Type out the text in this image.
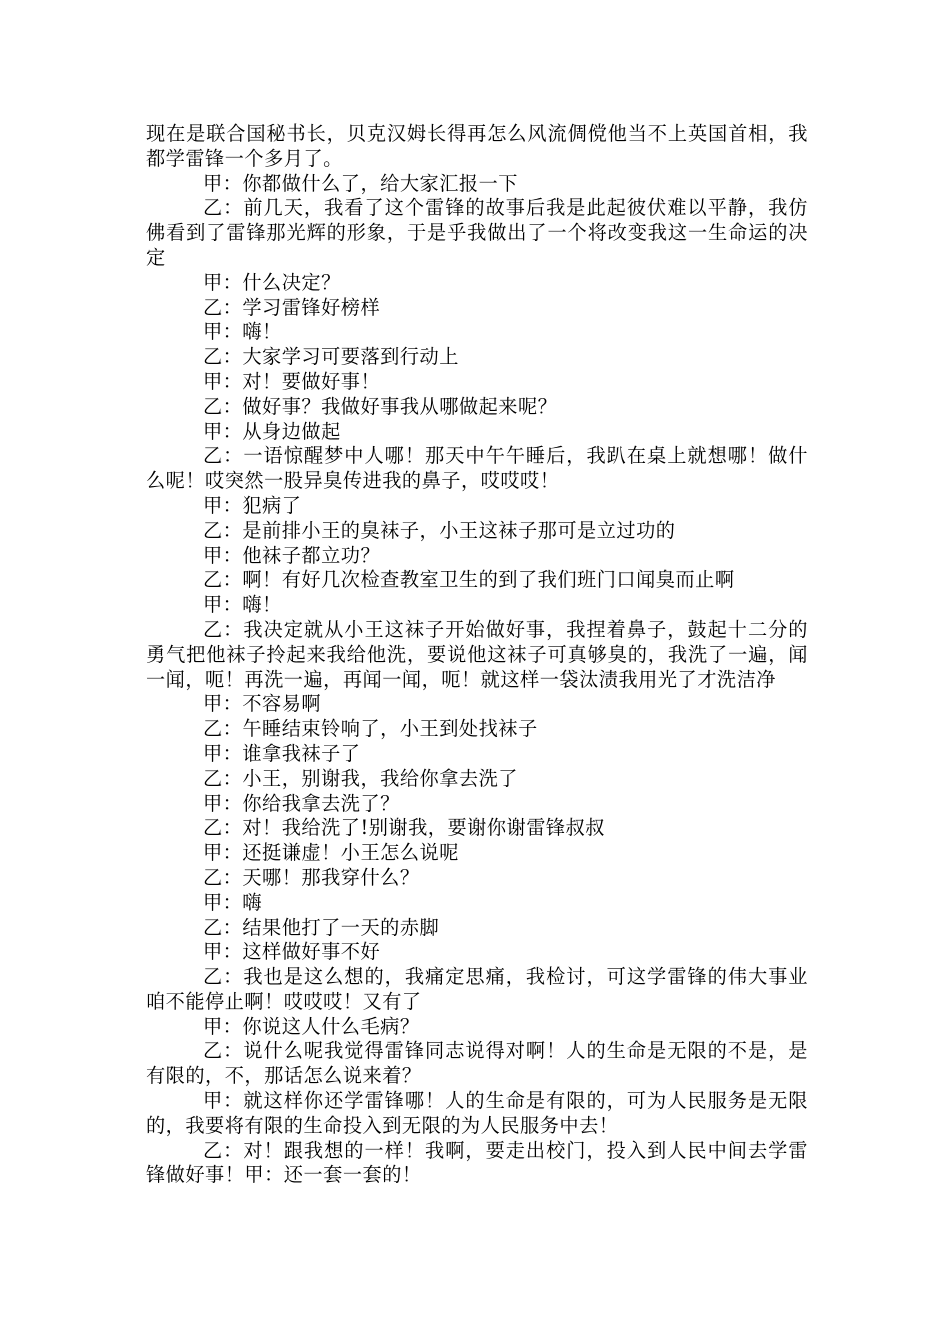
现在是联合国秘书长，贝克汉姆长得再怎么风流倜傥他当不上英国首相，我都学雷锋一个多月了。

甲：你都做什么了，给大家汇报一下

乙：前几天，我看了这个雷锋的故事后我是此起彼伏难以平静，我仿佛看到了雷锋那光辉的形象，于是乎我做出了一个将改变我这一生命运的决定

甲：什么决定？

乙：学习雷锋好榜样

甲：嗨！

乙：大家学习可要落到行动上

甲：对！要做好事！

乙：做好事？我做好事我从哪做起来呢？

甲：从身边做起

乙：一语惊醒梦中人哪！那天中午午睡后，我趴在桌上就想哪！做什么呢！哎突然一股异臭传进我的鼻子，哎哎哎！

甲：犯病了

乙：是前排小王的臭袜子，小王这袜子那可是立过功的

甲：他袜子都立功？

乙：啊！有好几次检查教室卫生的到了我们班门口闻臭而止啊

甲：嗨！

乙：我决定就从小王这袜子开始做好事，我捏着鼻子，鼓起十二分的勇气把他袜子拎起来我给他洗，要说他这袜子可真够臭的，我洗了一遍，闻一闻，呃！再洗一遍，再闻一闻，呃！就这样一袋汰渍我用光了才洗洁净

甲：不容易啊

乙：午睡结束铃响了，小王到处找袜子

甲：谁拿我袜子了

乙：小王，别谢我，我给你拿去洗了

甲：你给我拿去洗了？

乙：对！我给洗了!别谢我，要谢你谢雷锋叔叔

甲：还挺谦虚！小王怎么说呢

乙：天哪！那我穿什么？

甲：嗨

乙：结果他打了一天的赤脚

甲：这样做好事不好

乙：我也是这么想的，我痛定思痛，我检讨，可这学雷锋的伟大事业咱不能停止啊！哎哎哎！又有了

甲：你说这人什么毛病？

乙：说什么呢我觉得雷锋同志说得对啊！人的生命是无限的不是，是有限的，不，那话怎么说来着？

甲：就这样你还学雷锋哪！人的生命是有限的，可为人民服务是无限的，我要将有限的生命投入到无限的为人民服务中去！

乙：对！跟我想的一样！我啊，要走出校门，投入到人民中间去学雷锋做好事！甲：还一套一套的！
